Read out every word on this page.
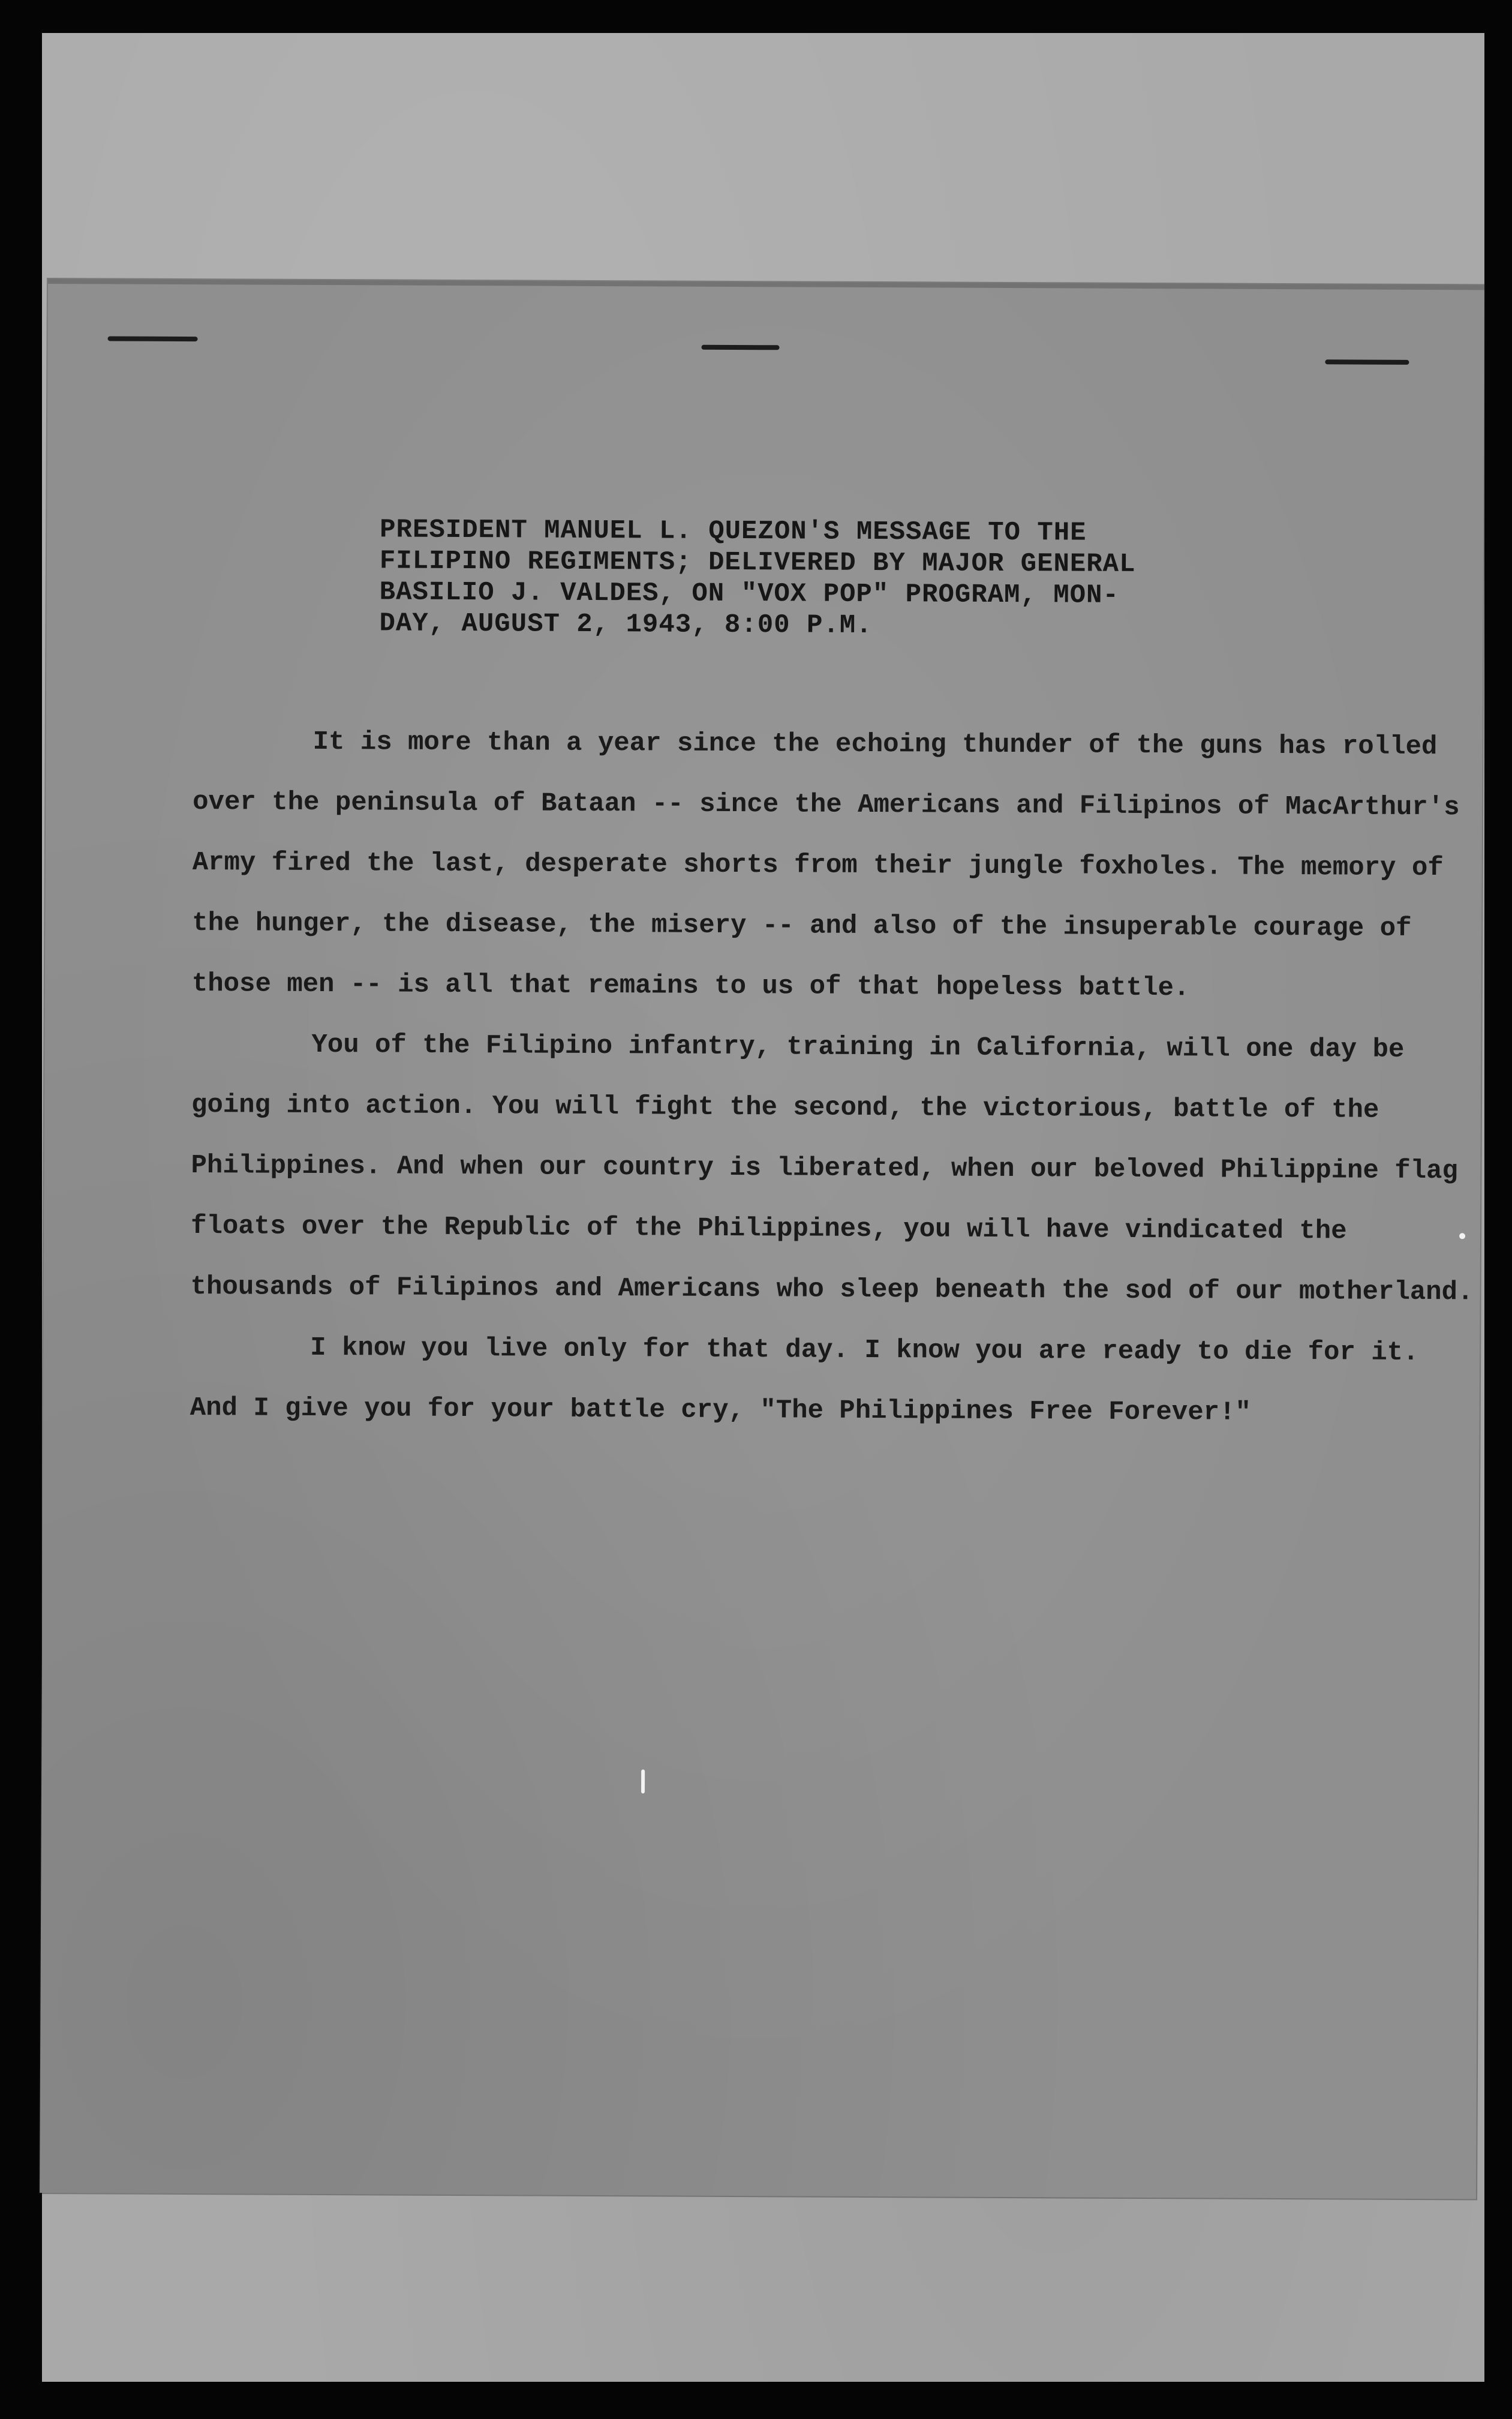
PRESIDENT MANUEL L. QUEZON'S MESSAGE TO THE
FILIPINO REGIMENTS; DELIVERED BY MAJOR GENERAL
BASILIO J. VALDES, ON "VOX POP" PROGRAM, MON-
DAY, AUGUST 2, 1943, 8:00 P.M.

It is more than a year since the echoing thunder of the guns has rolled over the peninsula of Bataan -- since the Americans and Filipinos of MacArthur's Army fired the last, desperate shorts from their jungle foxholes. The memory of the hunger, the disease, the misery -- and also of the insuperable courage of those men -- is all that remains to us of that hopeless battle.

You of the Filipino infantry, training in California, will one day be going into action. You will fight the second, the victorious, battle of the Philippines. And when our country is liberated, when our beloved Philippine flag floats over the Republic of the Philippines, you will have vindicated the thousands of Filipinos and Americans who sleep beneath the sod of our motherland.

I know you live only for that day. I know you are ready to die for it. And I give you for your battle cry, "The Philippines Free Forever!"
